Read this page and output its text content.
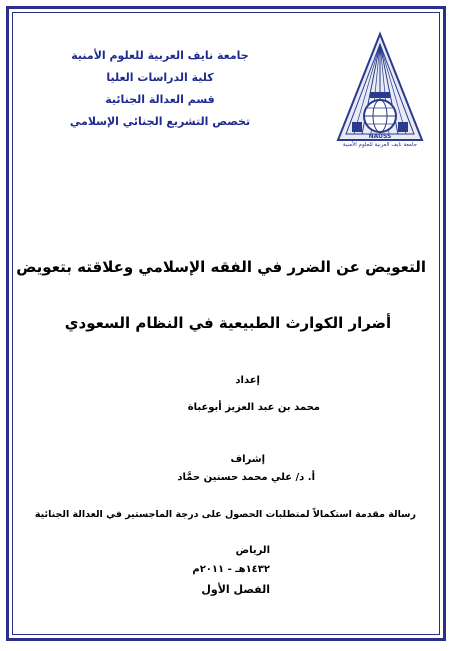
NAUSS
جامعة نايف العربية للعلوم الأمنية
جامعة نايف العربية للعلوم الأمنية
كلية الدراسات العليا
قسم العدالة الجنائية
تخصص التشريع الجنائي الإسلامي
التعويض عن الضرر في الفقه الإسلامي وعلاقته بتعويض
أضرار الكوارث الطبيعية في النظام السعودي
إعداد
محمد بن عبد العزيز أبوعباة
إشراف
أ. د/ علي محمد حسنين حمَّاد
رسالة مقدمة استكمالاً لمتطلبات الحصول على درجة الماجستير في العدالة الجنائية
الرياض
١٤٣٢هـ - ٢٠١١م
الفصل الأول
